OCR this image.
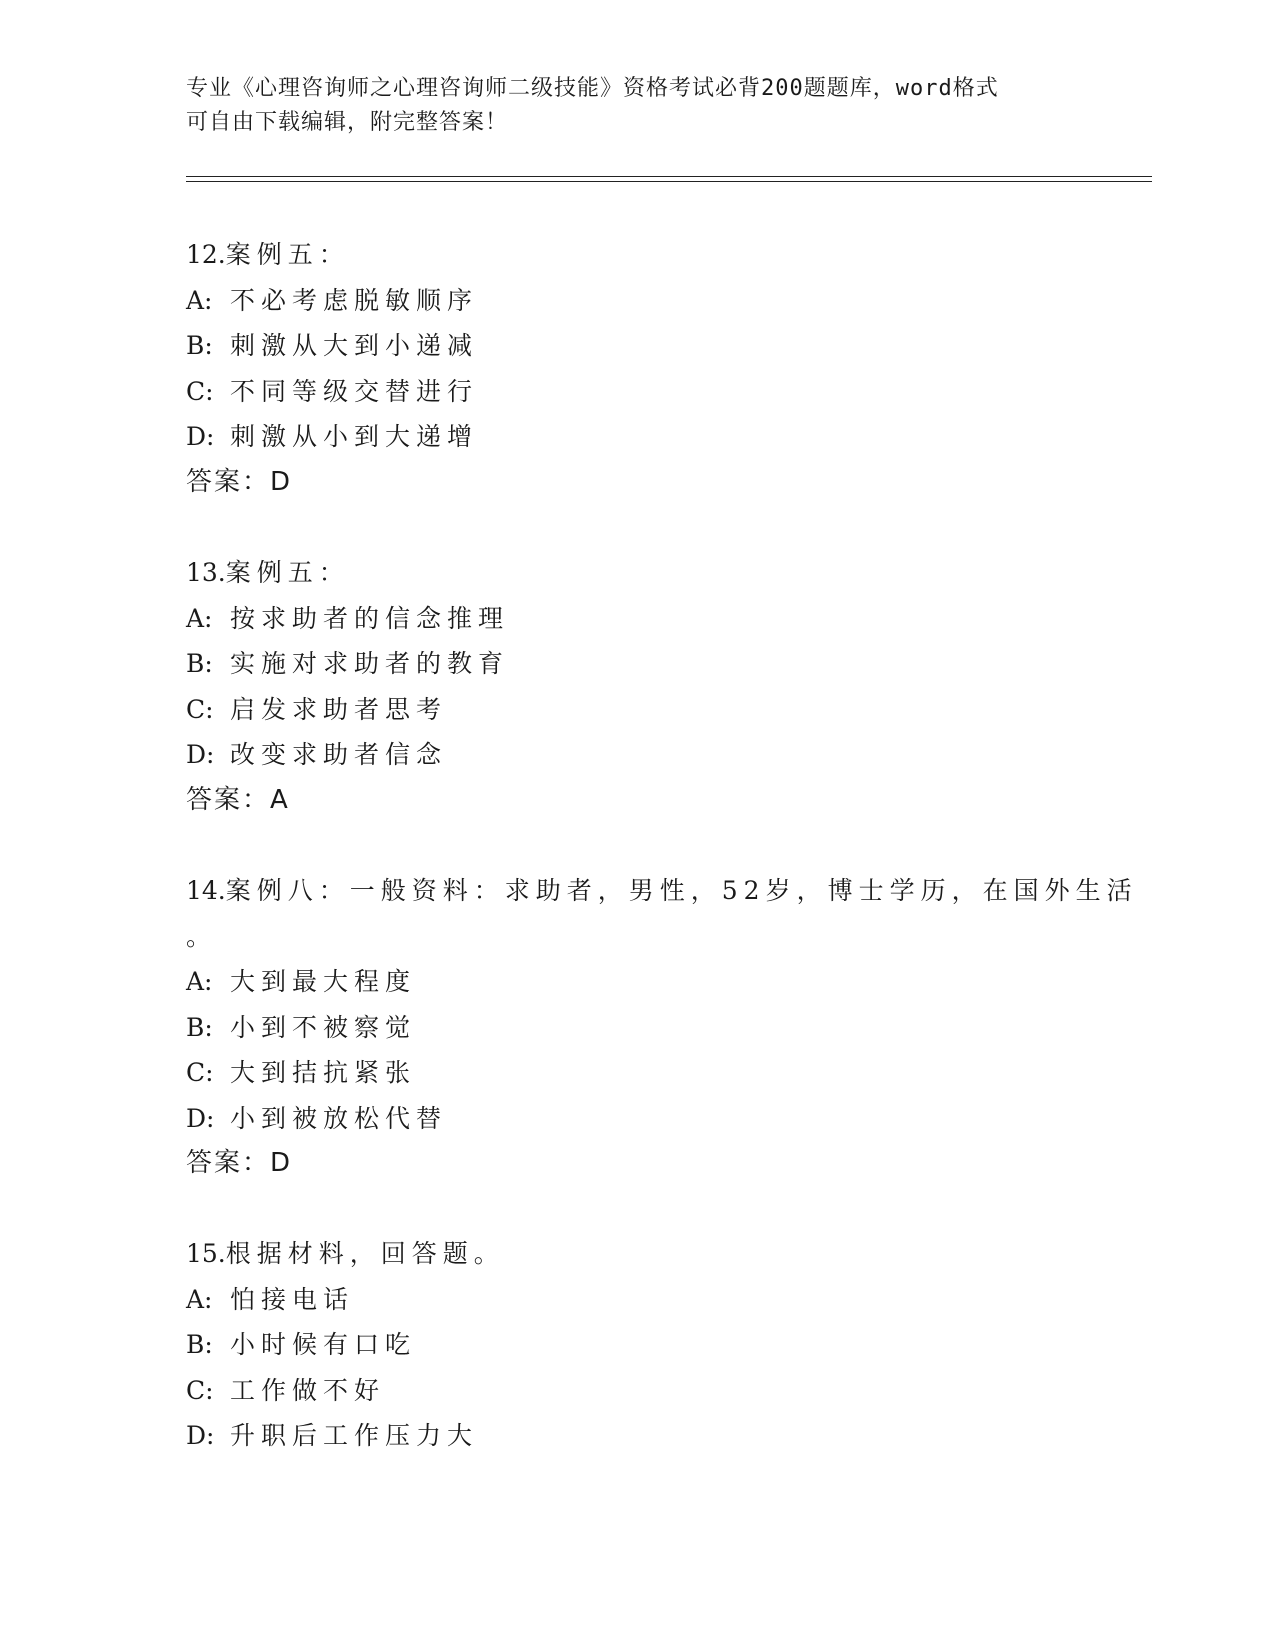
专业《心理咨询师之心理咨询师二级技能》资格考试必背200题题库，word格式
可自由下载编辑，附完整答案！
12.案例五：
A: 不必考虑脱敏顺序
B: 刺激从大到小递减
C: 不同等级交替进行
D: 刺激从小到大递增
答案：D
13.案例五：
A: 按求助者的信念推理
B: 实施对求助者的教育
C: 启发求助者思考
D: 改变求助者信念
答案：A
14.案例八：一般资料：求助者，男性，52岁，博士学历，在国外生活
。
A: 大到最大程度
B: 小到不被察觉
C: 大到拮抗紧张
D: 小到被放松代替
答案：D
15.根据材料，回答题。
A: 怕接电话
B: 小时候有口吃
C: 工作做不好
D: 升职后工作压力大
